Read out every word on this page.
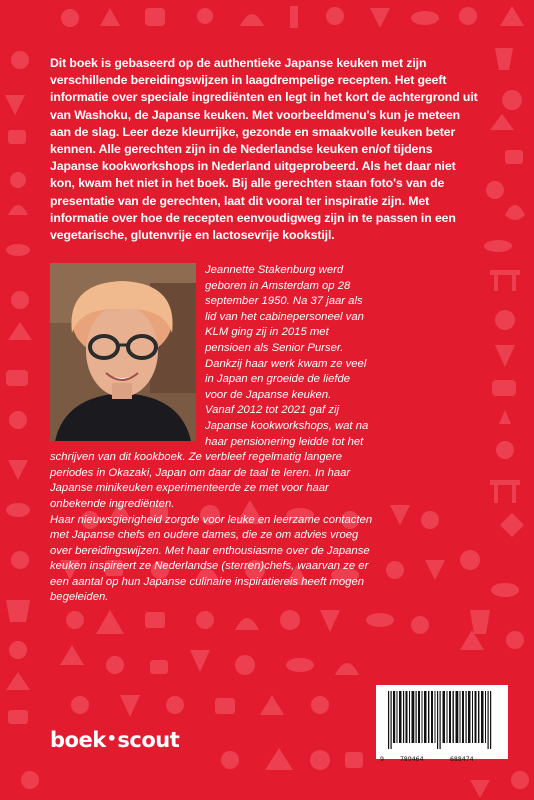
Dit boek is gebaseerd op de authentieke Japanse keuken met zijn verschillende bereidingswijzen in laagdrempelige recepten. Het geeft informatie over speciale ingrediënten en legt in het kort de achtergrond uit van Washoku, de Japanse keuken. Met voorbeeldmenu's kun je meteen aan de slag. Leer deze kleurrijke, gezonde en smaakvolle keuken beter kennen. Alle gerechten zijn in de Nederlandse keuken en/of tijdens Japanse kookworkshops in Nederland uitgeprobeerd. Als het daar niet kon, kwam het niet in het boek. Bij alle gerechten staan foto's van de presentatie van de gerechten, laat dit vooral ter inspiratie zijn. Met informatie over hoe de recepten eenvoudigweg zijn in te passen in een vegetarische, glutenvrije en lactosevrije kookstijl.

Jeannette Stakenburg werd geboren in Amsterdam op 28 september 1950. Na 37 jaar als lid van het cabinepersoneel van KLM ging zij in 2015 met pensioen als Senior Purser. Dankzij haar werk kwam ze veel in Japan en groeide de liefde voor de Japanse keuken.

Vanaf 2012 tot 2021 gaf zij Japanse kookworkshops, wat na haar pensionering leidde tot het schrijven van dit kookboek. Ze verbleef regelmatig langere periodes in Okazaki, Japan om daar de taal te leren. In haar Japanse minikeuken experimenteerde ze met voor haar onbekende ingrediënten.

Haar nieuwsgierigheid zorgde voor leuke en leerzame contacten met Japanse chefs en oudere dames, die ze om advies vroeg over bereidingswijzen. Met haar enthousiasme over de Japanse keuken inspireert ze Nederlandse (sterren)chefs, waarvan ze er een aantal op hun Japanse culinaire inspiratiereis heeft mogen begeleiden.

boek•scout
9 789464	688474
